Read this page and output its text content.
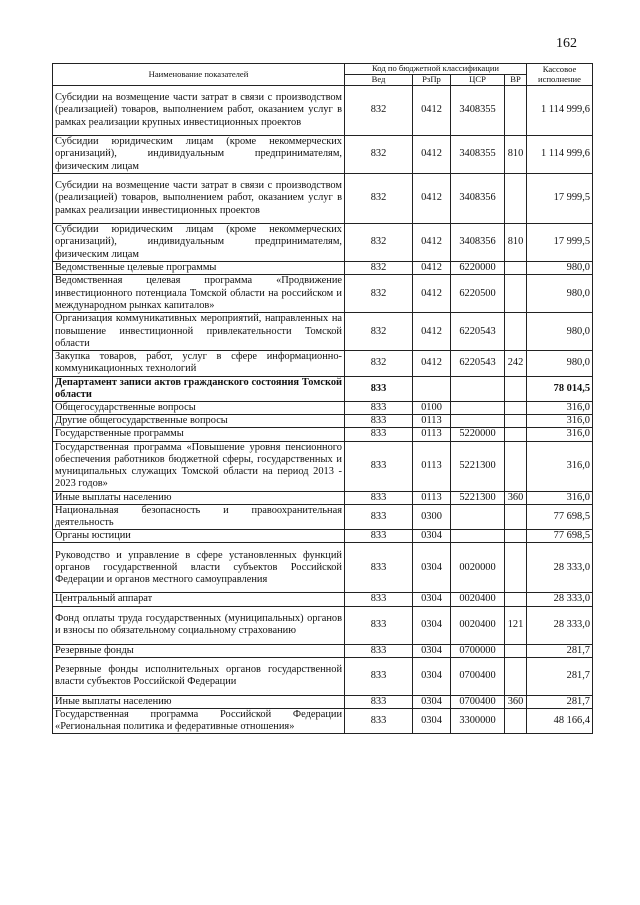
162
Наименование показателей	Код по бюджетной классификации				Кассовое исполнение
	Вед	РзПр	ЦСР	ВР	
Субсидии на возмещение части затрат в связи с производством (реализацией) товаров, выполнением работ, оказанием услуг в рамках реализации крупных инвестиционных проектов	832	0412	3408355		1 114 999,6
Субсидии юридическим лицам (кроме некоммерческих организаций), индивидуальным предпринимателям, физическим лицам	832	0412	3408355	810	1 114 999,6
Субсидии на возмещение части затрат в связи с производством (реализацией) товаров, выполнением работ, оказанием услуг в рамках реализации инвестиционных проектов	832	0412	3408356		17 999,5
Субсидии юридическим лицам (кроме некоммерческих организаций), индивидуальным предпринимателям, физическим лицам	832	0412	3408356	810	17 999,5
Ведомственные целевые программы	832	0412	6220000		980,0
Ведомственная целевая программа «Продвижение инвестиционного потенциала Томской области на российском и международном рынках капиталов»	832	0412	6220500		980,0
Организация коммуникативных мероприятий, направленных на повышение инвестиционной привлекательности Томской области	832	0412	6220543		980,0
Закупка товаров, работ, услуг в сфере информационно-коммуникационных технологий	832	0412	6220543	242	980,0
Департамент записи актов гражданского состояния Томской области	833				78 014,5
Общегосударственные вопросы	833	0100			316,0
Другие общегосударственные вопросы	833	0113			316,0
Государственные программы	833	0113	5220000		316,0
Государственная программа «Повышение уровня пенсионного обеспечения работников бюджетной сферы, государственных и муниципальных служащих Томской области на период 2013 - 2023 годов»	833	0113	5221300		316,0
Иные выплаты населению	833	0113	5221300	360	316,0
Национальная безопасность и правоохранительная деятельность	833	0300			77 698,5
Органы юстиции	833	0304			77 698,5
Руководство и управление в сфере установленных функций органов государственной власти субъектов Российской Федерации и органов местного самоуправления	833	0304	0020000		28 333,0
Центральный аппарат	833	0304	0020400		28 333,0
Фонд оплаты труда государственных (муниципальных) органов и взносы по обязательному социальному страхованию	833	0304	0020400	121	28 333,0
Резервные фонды	833	0304	0700000		281,7
Резервные фонды исполнительных органов государственной власти субъектов Российской Федерации	833	0304	0700400		281,7
Иные выплаты населению	833	0304	0700400	360	281,7
Государственная программа Российской Федерации «Региональная политика и федеративные отношения»	833	0304	3300000		48 166,4
